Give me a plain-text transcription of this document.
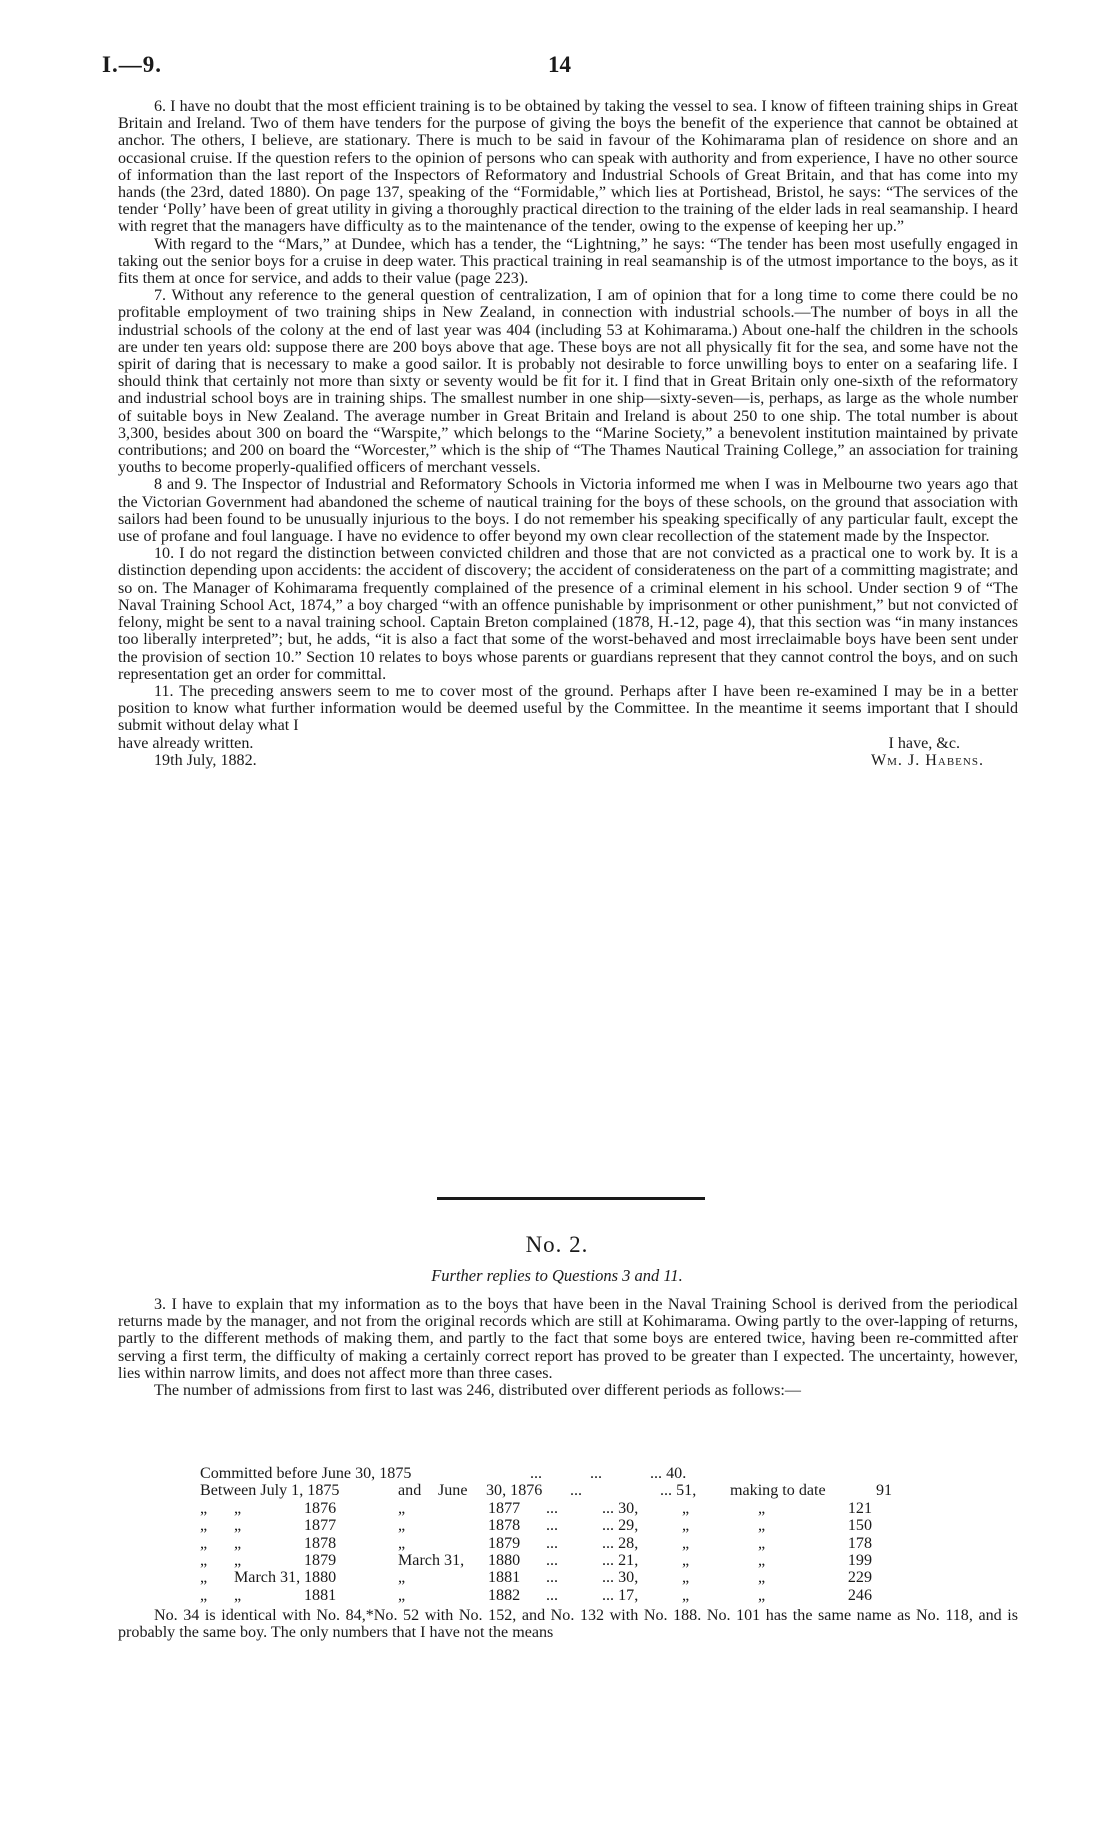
I.—9.	14

6. I have no doubt that the most efficient training is to be obtained by taking the vessel to sea. I know of fifteen training ships in Great Britain and Ireland. Two of them have tenders for the purpose of giving the boys the benefit of the experience that cannot be obtained at anchor. The others, I believe, are stationary. There is much to be said in favour of the Kohimarama plan of residence on shore and an occasional cruise. If the question refers to the opinion of persons who can speak with authority and from experience, I have no other source of information than the last report of the Inspectors of Reformatory and Industrial Schools of Great Britain, and that has come into my hands (the 23rd, dated 1880). On page 137, speaking of the “Formidable,” which lies at Portishead, Bristol, he says: “The services of the tender ‘Polly’ have been of great utility in giving a thoroughly practical direction to the training of the elder lads in real seamanship. I heard with regret that the managers have difficulty as to the maintenance of the tender, owing to the expense of keeping her up.”

With regard to the “Mars,” at Dundee, which has a tender, the “Lightning,” he says: “The tender has been most usefully engaged in taking out the senior boys for a cruise in deep water. This practical training in real seamanship is of the utmost importance to the boys, as it fits them at once for service, and adds to their value (page 223).

7. Without any reference to the general question of centralization, I am of opinion that for a long time to come there could be no profitable employment of two training ships in New Zealand, in connection with industrial schools.—The number of boys in all the industrial schools of the colony at the end of last year was 404 (including 53 at Kohimarama.) About one-half the children in the schools are under ten years old: suppose there are 200 boys above that age. These boys are not all physically fit for the sea, and some have not the spirit of daring that is necessary to make a good sailor. It is probably not desirable to force unwilling boys to enter on a seafaring life. I should think that certainly not more than sixty or seventy would be fit for it. I find that in Great Britain only one-sixth of the reformatory and industrial school boys are in training ships. The smallest number in one ship—sixty-seven—is, perhaps, as large as the whole number of suitable boys in New Zealand. The average number in Great Britain and Ireland is about 250 to one ship. The total number is about 3,300, besides about 300 on board the “Warspite,” which belongs to the “Marine Society,” a benevolent institution maintained by private contributions; and 200 on board the “Worcester,” which is the ship of “The Thames Nautical Training College,” an association for training youths to become properly-qualified officers of merchant vessels.

8 and 9. The Inspector of Industrial and Reformatory Schools in Victoria informed me when I was in Melbourne two years ago that the Victorian Government had abandoned the scheme of nautical training for the boys of these schools, on the ground that association with sailors had been found to be unusually injurious to the boys. I do not remember his speaking specifically of any particular fault, except the use of profane and foul language. I have no evidence to offer beyond my own clear recollection of the statement made by the Inspector.

10. I do not regard the distinction between convicted children and those that are not convicted as a practical one to work by. It is a distinction depending upon accidents: the accident of discovery; the accident of considerateness on the part of a committing magistrate; and so on. The Manager of Kohimarama frequently complained of the presence of a criminal element in his school. Under section 9 of “The Naval Training School Act, 1874,” a boy charged “with an offence punishable by imprisonment or other punishment,” but not convicted of felony, might be sent to a naval training school. Captain Breton complained (1878, H.-12, page 4), that this section was “in many instances too liberally interpreted”; but, he adds, “it is also a fact that some of the worst-behaved and most irreclaimable boys have been sent under the provision of section 10.” Section 10 relates to boys whose parents or guardians represent that they cannot control the boys, and on such representation get an order for committal.

11. The preceding answers seem to me to cover most of the ground. Perhaps after I have been re-examined I may be in a better position to know what further information would be deemed useful by the Committee. In the meantime it seems important that I should submit without delay what I

have already written.	I have, &c.
19th July, 1882.	Wm. J. Habens.
No. 2.
Further replies to Questions 3 and 11.

3. I have to explain that my information as to the boys that have been in the Naval Training School is derived from the periodical returns made by the manager, and not from the original records which are still at Kohimarama. Owing partly to the over-lapping of returns, partly to the different methods of making them, and partly to the fact that some boys are entered twice, having been re-committed after serving a first term, the difficulty of making a certainly correct report has proved to be greater than I expected. The uncertainty, however, lies within narrow limits, and does not affect more than three cases.

The number of admissions from first to last was 246, distributed over different periods as follows:—

Committed before June 30, 1875	...	...	... 40.
Between July 1, 1875	and	June	30, 1876	...	... 51,	making to date	91
„	„	1876	„	1877	...	... 30,	„	„	121
„	„	1877	„	1878	...	... 29,	„	„	150
„	„	1878	„	1879	...	... 28,	„	„	178
„	„	1879	March 31,	1880	...	... 21,	„	„	199
„	March 31, 1880	„	1881	...	... 30,	„	„	229
„	„	1881	„	1882	...	... 17,	„	„	246

No. 34 is identical with No. 84,*No. 52 with No. 152, and No. 132 with No. 188. No. 101 has the same name as No. 118, and is probably the same boy. The only numbers that I have not the means
